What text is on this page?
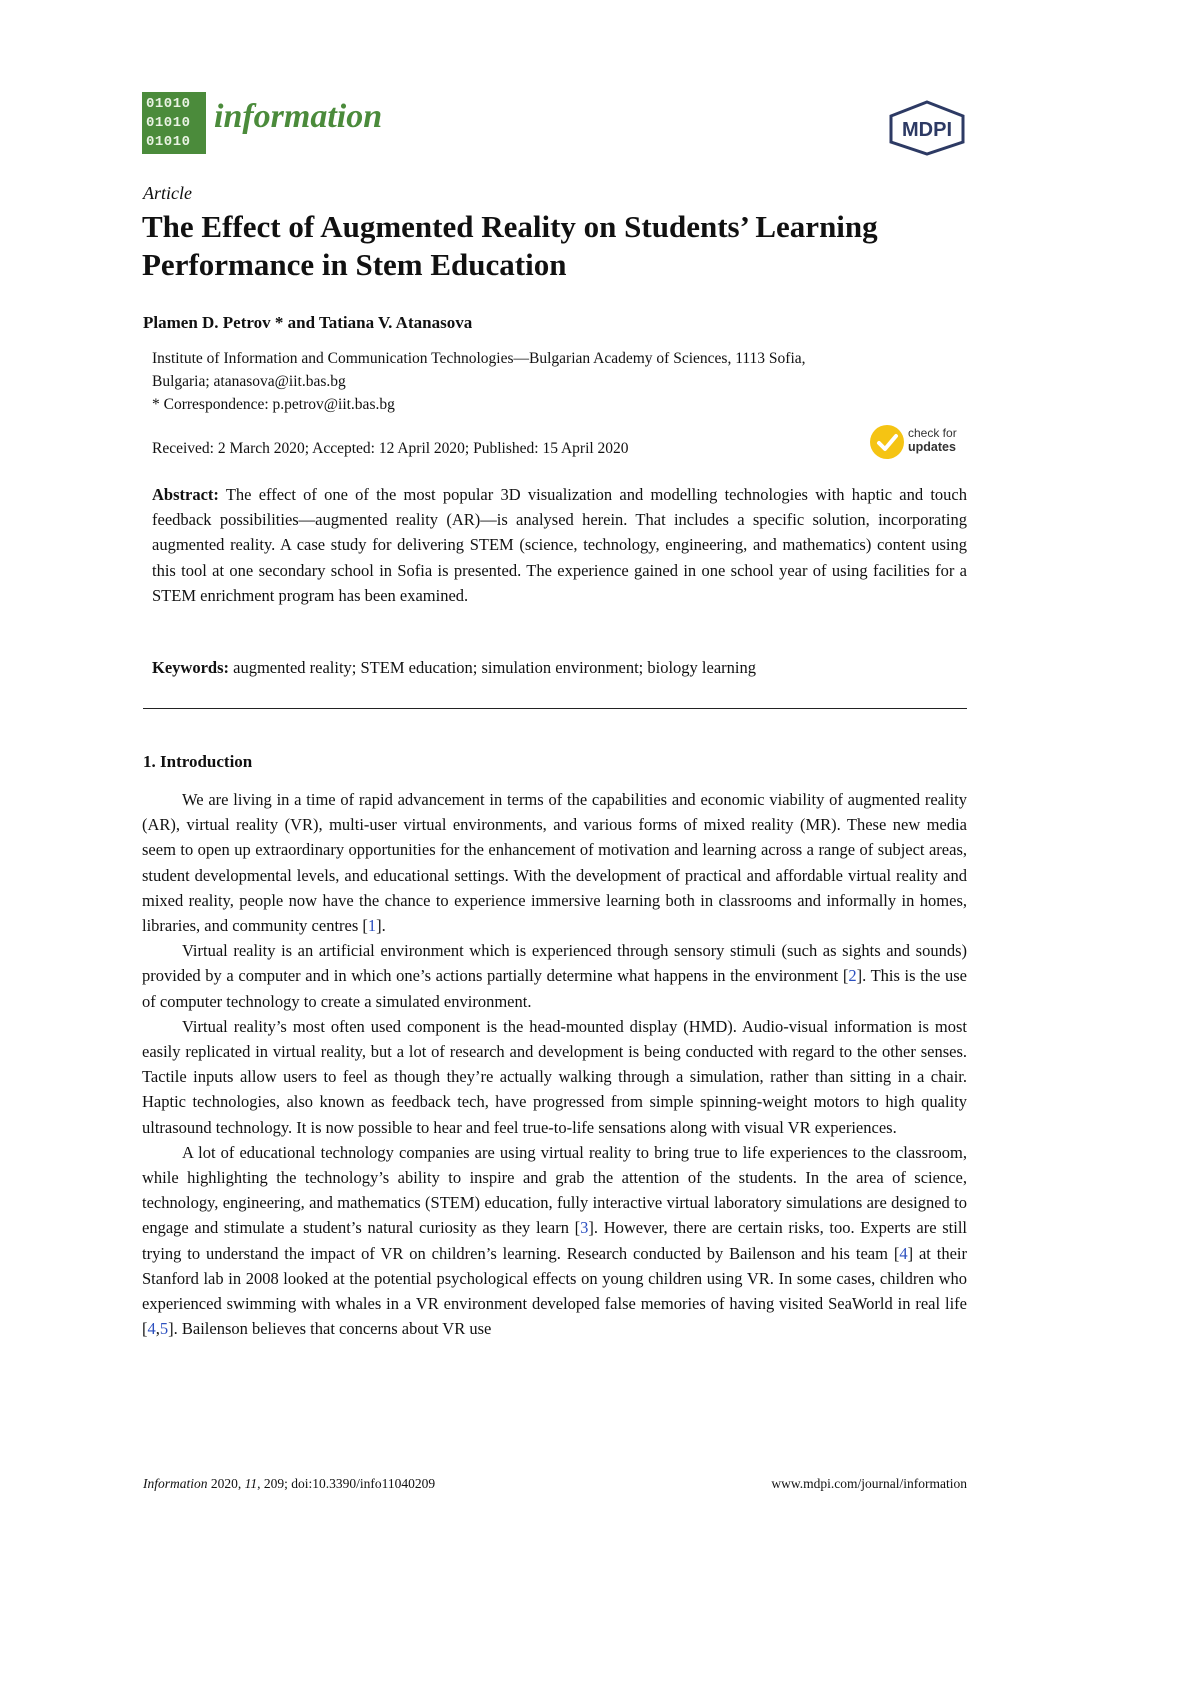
01010
01010
01010
information	MDPI
Article
The Effect of Augmented Reality on Students’ Learning Performance in Stem Education
Plamen D. Petrov * and Tatiana V. Atanasova
Institute of Information and Communication Technologies—Bulgarian Academy of Sciences, 1113 Sofia,
Bulgaria; atanasova@iit.bas.bg
* Correspondence: p.petrov@iit.bas.bg
Received: 2 March 2020; Accepted: 12 April 2020; Published: 15 April 2020
check for
updates

Abstract: The effect of one of the most popular 3D visualization and modelling technologies with haptic and touch feedback possibilities—augmented reality (AR)—is analysed herein. That includes a specific solution, incorporating augmented reality. A case study for delivering STEM (science, technology, engineering, and mathematics) content using this tool at one secondary school in Sofia is presented. The experience gained in one school year of using facilities for a STEM enrichment program has been examined.

Keywords: augmented reality; STEM education; simulation environment; biology learning

1. Introduction

We are living in a time of rapid advancement in terms of the capabilities and economic viability of augmented reality (AR), virtual reality (VR), multi-user virtual environments, and various forms of mixed reality (MR). These new media seem to open up extraordinary opportunities for the enhancement of motivation and learning across a range of subject areas, student developmental levels, and educational settings. With the development of practical and affordable virtual reality and mixed reality, people now have the chance to experience immersive learning both in classrooms and informally in homes, libraries, and community centres [1].

Virtual reality is an artificial environment which is experienced through sensory stimuli (such as sights and sounds) provided by a computer and in which one’s actions partially determine what happens in the environment [2]. This is the use of computer technology to create a simulated environment.

Virtual reality’s most often used component is the head-mounted display (HMD). Audio-visual information is most easily replicated in virtual reality, but a lot of research and development is being conducted with regard to the other senses. Tactile inputs allow users to feel as though they’re actually walking through a simulation, rather than sitting in a chair. Haptic technologies, also known as feedback tech, have progressed from simple spinning-weight motors to high quality ultrasound technology. It is now possible to hear and feel true-to-life sensations along with visual VR experiences.

A lot of educational technology companies are using virtual reality to bring true to life experiences to the classroom, while highlighting the technology’s ability to inspire and grab the attention of the students. In the area of science, technology, engineering, and mathematics (STEM) education, fully interactive virtual laboratory simulations are designed to engage and stimulate a student’s natural curiosity as they learn [3]. However, there are certain risks, too. Experts are still trying to understand the impact of VR on children’s learning. Research conducted by Bailenson and his team [4] at their Stanford lab in 2008 looked at the potential psychological effects on young children using VR. In some cases, children who experienced swimming with whales in a VR environment developed false memories of having visited SeaWorld in real life [4,5]. Bailenson believes that concerns about VR use

Information 2020, 11, 209; doi:10.3390/info11040209	www.mdpi.com/journal/information
